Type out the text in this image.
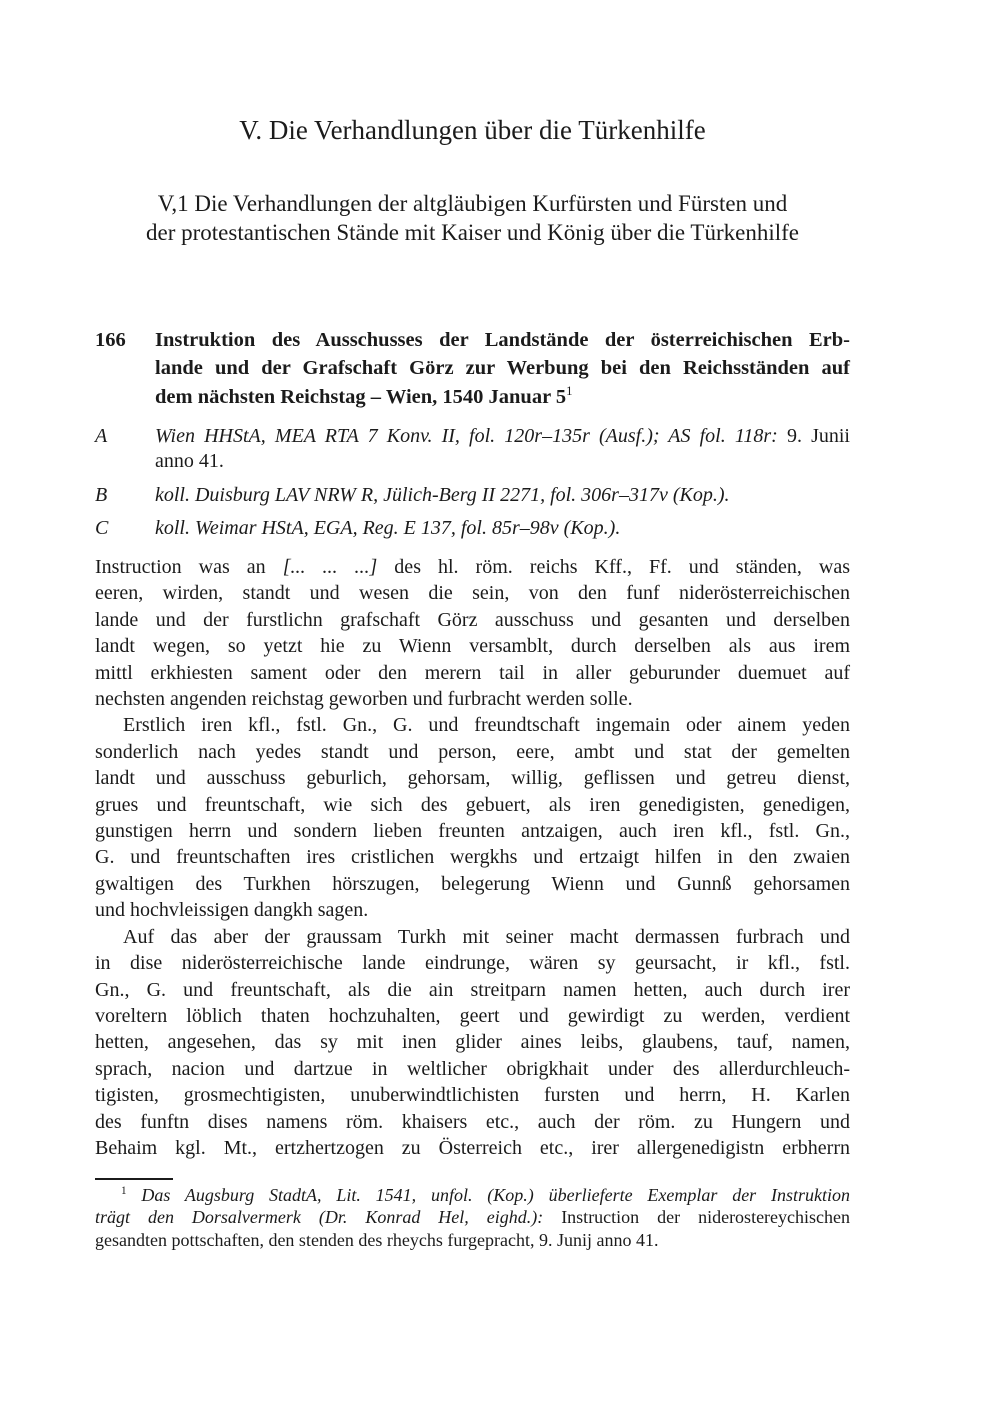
V. Die Verhandlungen über die Türkenhilfe
V,1 Die Verhandlungen der altgläubigen Kurfürsten und Fürsten und
der protestantischen Stände mit Kaiser und König über die Türkenhilfe
166 Instruktion des Ausschusses der Landstände der österreichischen Erb-
lande und der Grafschaft Görz zur Werbung bei den Reichsständen auf
dem nächsten Reichstag – Wien, 1540 Januar $5^1$
A Wien HHStA, MEA RTA 7 Konv. II, fol. 120r–135r (Ausf.); AS fol. 118r: 9. Junii
anno 41.
B koll. Duisburg LAV NRW R, Jülich-Berg II 2271, fol. 306r–317v (Kop.).
C koll. Weimar HStA, EGA, Reg. E 137, fol. 85r–98v (Kop.).
Instruction was an [... ... ...] des hl. röm. reichs Kff., Ff. und ständen, was
eeren, wirden, standt und wesen die sein, von den funf niderösterreichischen
lande und der furstlichn grafschaft Görz ausschuss und gesanten und derselben
landt wegen, so yetzt hie zu Wienn versamblt, durch derselben als aus irem
mittl erkhiesten sament oder den merern tail in aller geburunder duemuet auf
nechsten angenden reichstag geworben und furbracht werden solle.
Erstlich iren kfl., fstl. Gn., G. und freundtschaft ingemain oder ainem yeden
sonderlich nach yedes standt und person, eere, ambt und stat der gemelten
landt und ausschuss geburlich, gehorsam, willig, geflissen und getreu dienst,
grues und freuntschaft, wie sich des gebuert, als iren genedigisten, genedigen,
gunstigen herrn und sondern lieben freunten antzaigen, auch iren kfl., fstl. Gn.,
G. und freuntschaften ires cristlichen wergkhs und ertzaigt hilfen in den zwaien
gwaltigen des Turkhen hörszugen, belegerung Wienn und Gunnß gehorsamen
und hochvleissigen dangkh sagen.
Auf das aber der graussam Turkh mit seiner macht dermassen furbrach und
in dise niderösterreichische lande eindrunge, wären sy geursacht, ir kfl., fstl.
Gn., G. und freuntschaft, als die ain streitparn namen hetten, auch durch irer
voreltern löblich thaten hochzuhalten, geert und gewirdigt zu werden, verdient
hetten, angesehen, das sy mit inen glider aines leibs, glaubens, tauf, namen,
sprach, nacion und dartzue in weltlicher obrigkhait under des allerdurchleuch-
tigisten, grosmechtigisten, unuberwindtlichisten fursten und herrn, H. Karlen
des funftn dises namens röm. khaisers etc., auch der röm. zu Hungern und
Behaim kgl. Mt., ertzhertzogen zu Österreich etc., irer allergenedigistn erbherrn
$^1$ Das Augsburg StadtA, Lit. 1541, unfol. (Kop.) überlieferte Exemplar der Instruktion
trägt den Dorsalvermerk (Dr. Konrad Hel, eighd.): Instruction der niderostereychischen
gesandten pottschaften, den stenden des rheychs furgepracht, 9. Junij anno 41.
